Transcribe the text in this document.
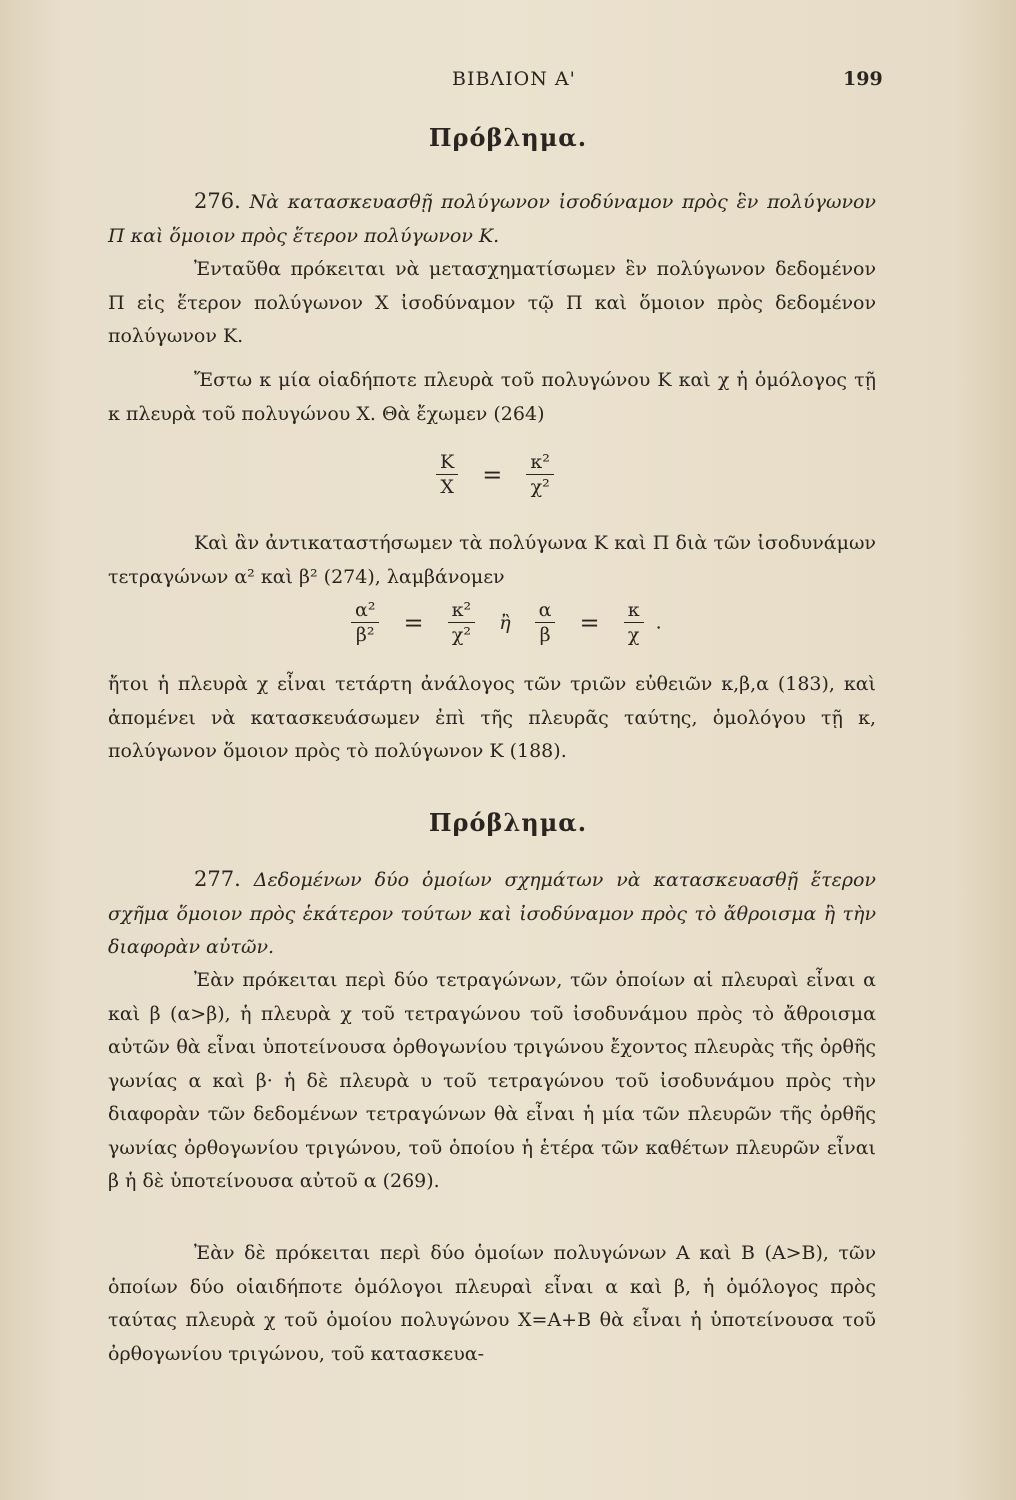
ΒΙΒΛΙΟΝ Α'	199
Πρόβλημα.
276. Νὰ κατασκευασθῇ πολύγωνον ἰσοδύναμον πρὸς ἓν πολύγωνον Π καὶ ὅμοιον πρὸς ἕτερον πολύγωνον Κ.
Ἐνταῦθα πρόκειται νὰ μετασχηματίσωμεν ἓν πολύγωνον δεδομένον Π εἰς ἕτερον πολύγωνον Χ ἰσοδύναμον τῷ Π καὶ ὅμοιον πρὸς δεδομένον πολύγωνον Κ.
Ἔστω κ μία οἱαδήποτε πλευρὰ τοῦ πολυγώνου Κ καὶ χ ἡ ὁμόλογος τῇ κ πλευρὰ τοῦ πολυγώνου Χ. Θὰ ἔχωμεν (264)
$\frac{K}{X} = \frac{\text{κ²}}{\text{χ²}}$
Καὶ ἂν ἀντικαταστήσωμεν τὰ πολύγωνα Κ καὶ Π διὰ τῶν ἰσοδυνάμων τετραγώνων α² καὶ β² (274), λαμβάνομεν
$\frac{\text{α²}}{\text{β²}} = \frac{\text{κ²}}{\text{χ²}}$ ἢ $\frac{\alpha}{\beta} = \frac{\kappa}{\chi}$ .
ἤτοι ἡ πλευρὰ χ εἶναι τετάρτη ἀνάλογος τῶν τριῶν εὐθειῶν κ,β,α (183), καὶ ἀπομένει νὰ κατασκευάσωμεν ἐπὶ τῆς πλευρᾶς ταύτης, ὁμολόγου τῇ κ, πολύγωνον ὅμοιον πρὸς τὸ πολύγωνον Κ (188).
Πρόβλημα.
277. Δεδομένων δύο ὁμοίων σχημάτων νὰ κατασκευασθῇ ἕτερον σχῆμα ὅμοιον πρὸς ἑκάτερον τούτων καὶ ἰσοδύναμον πρὸς τὸ ἄθροισμα ἢ τὴν διαφορὰν αὐτῶν.
Ἐὰν πρόκειται περὶ δύο τετραγώνων, τῶν ὁποίων αἱ πλευραὶ εἶναι α καὶ β (α>β), ἡ πλευρὰ χ τοῦ τετραγώνου τοῦ ἰσοδυνάμου πρὸς τὸ ἄθροισμα αὐτῶν θὰ εἶναι ὑποτείνουσα ὀρθογωνίου τριγώνου ἔχοντος πλευρὰς τῆς ὀρθῆς γωνίας α καὶ β· ἡ δὲ πλευρὰ υ τοῦ τετραγώνου τοῦ ἰσοδυνάμου πρὸς τὴν διαφορὰν τῶν δεδομένων τετραγώνων θὰ εἶναι ἡ μία τῶν πλευρῶν τῆς ὀρθῆς γωνίας ὀρθογωνίου τριγώνου, τοῦ ὁποίου ἡ ἑτέρα τῶν καθέτων πλευρῶν εἶναι β ἡ δὲ ὑποτείνουσα αὐτοῦ α (269).
Ἐὰν δὲ πρόκειται περὶ δύο ὁμοίων πολυγώνων Α καὶ Β (Α>Β), τῶν ὁποίων δύο οἱαιδήποτε ὁμόλογοι πλευραὶ εἶναι α καὶ β, ἡ ὁμόλογος πρὸς ταύτας πλευρὰ χ τοῦ ὁμοίου πολυγώνου Χ=Α+Β θὰ εἶναι ἡ ὑποτείνουσα τοῦ ὀρθογωνίου τριγώνου, τοῦ κατασκευα-
